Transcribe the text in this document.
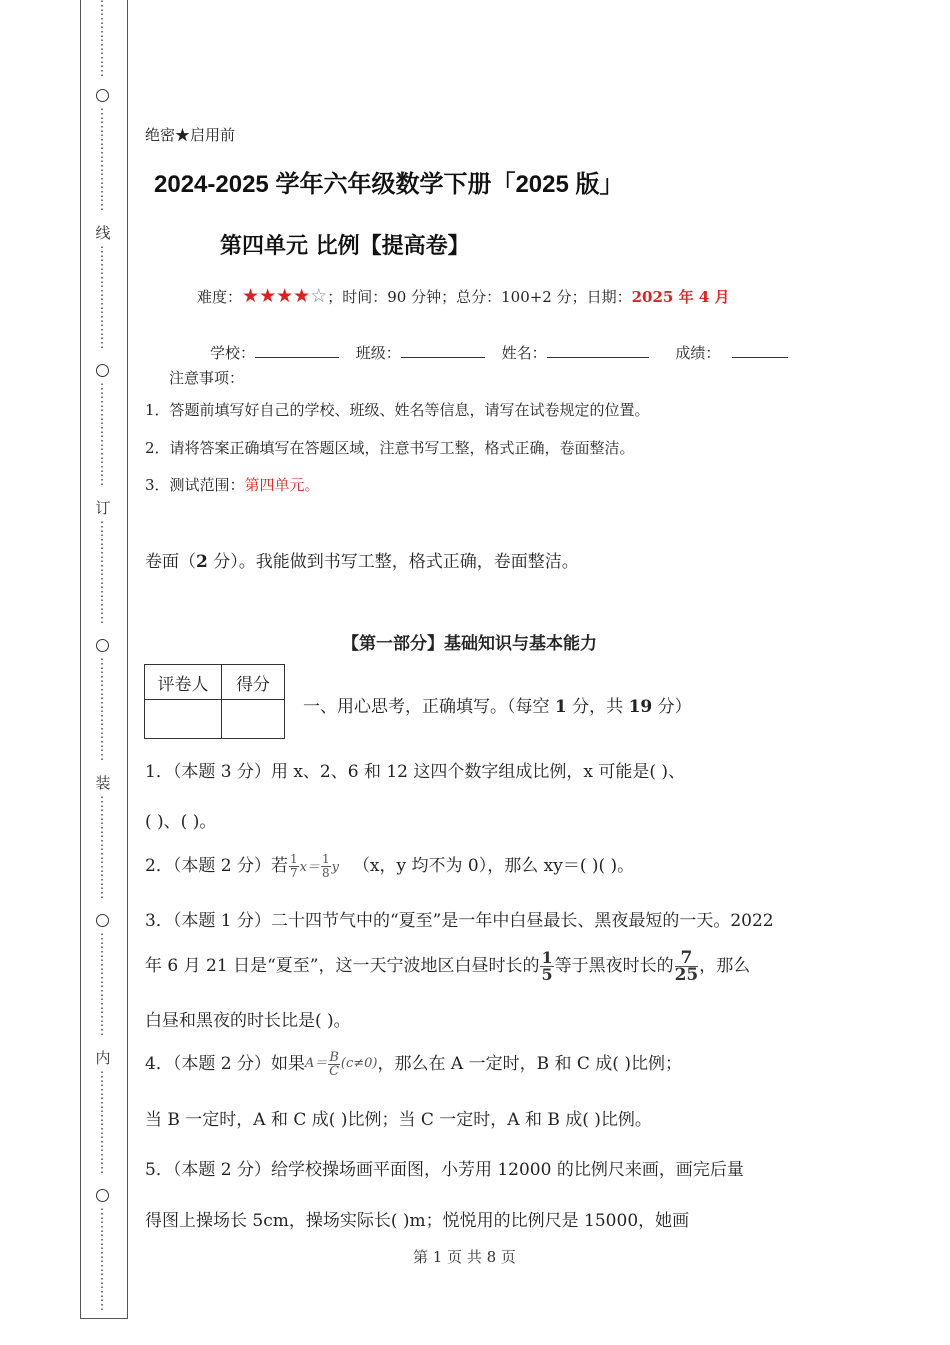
⋮
⋮
⋮
⋮
⋮
⋮
⋮
⋮
⋮
⋮
⋮
⋮
⋮
⋮
线
⋮
⋮
⋮
⋮
⋮
⋮
⋮
⋮
⋮
⋮
⋮
⋮
⋮
⋮
⋮
⋮
订
⋮
⋮
⋮
⋮
⋮
⋮
⋮
⋮
⋮
⋮
⋮
⋮
⋮
⋮
⋮
⋮
装
⋮
⋮
⋮
⋮
⋮
⋮
⋮
⋮
⋮
⋮
⋮
⋮
⋮
⋮
⋮
⋮
内
⋮
⋮
⋮
⋮
⋮
⋮
⋮
⋮
⋮
⋮
⋮
⋮
⋮
⋮
⋮
⋮
绝密★启用前
2024-2025 学年六年级数学下册「2025 版」
第四单元 比例【提高卷】
难度：★★★★☆；时间：90 分钟；总分：100+2 分；日期：2025 年 4 月
学校：	班级：	姓名：	成绩：
注意事项：
1．答题前填写好自己的学校、班级、姓名等信息，请写在试卷规定的位置。
2．请将答案正确填写在答题区域，注意书写工整，格式正确，卷面整洁。
3．测试范围：第四单元。
卷面（2 分）。我能做到书写工整，格式正确，卷面整洁。
【第一部分】基础知识与基本能力
评卷人	得分

一、用心思考，正确填写。（每空 1 分，共 19 分）
1．（本题 3 分）用 x、2、6 和 12 这四个数字组成比例，x 可能是( )、
( )、( )。
2．（本题 2 分）若 $\frac{1}{7} x= \frac{1}{8}$ y （x，y 均不为 0），那么 xy＝( )( )。
3．（本题 1 分）二十四节气中的“夏至”是一年中白昼最长、黑夜最短的一天。2022
年 6 月 21 日是“夏至”，这一天宁波地区白昼时长的 $\frac{1}{5}$ 等于黑夜时长的 $\frac{7}{25}$ ，那么
白昼和黑夜的时长比是( )。
4．（本题 2 分）如果$A= \frac{B}{C} (c\ne 0)$，那么在 A 一定时，B 和 C 成( )比例；
当 B 一定时，A 和 C 成( )比例；当 C 一定时，A 和 B 成( )比例。
5．（本题 2 分）给学校操场画平面图，小芳用 12000 的比例尺来画，画完后量
得图上操场长 5cm，操场实际长( )m；悦悦用的比例尺是 15000，她画
第 1 页 共 8 页
